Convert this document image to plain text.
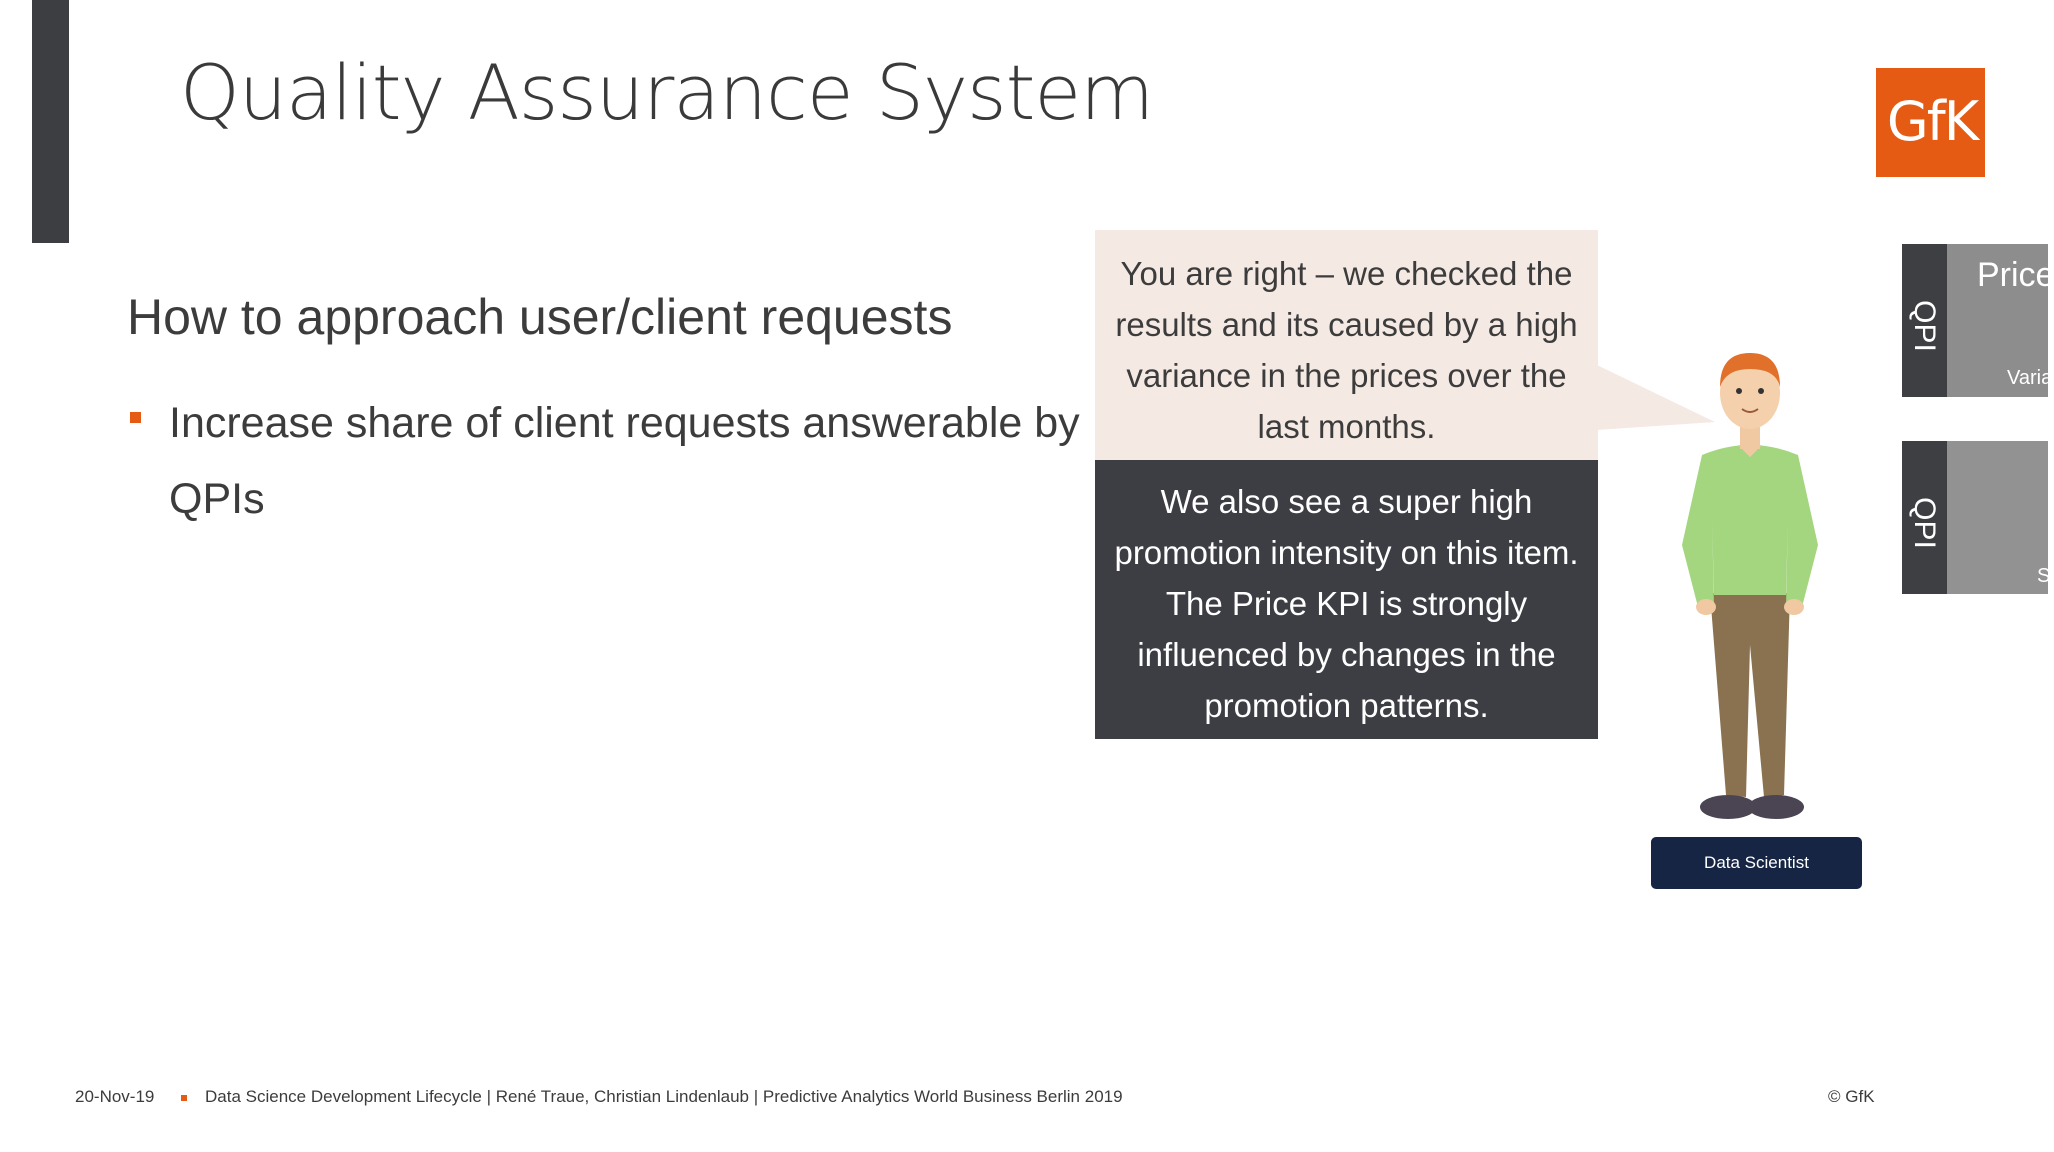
Quality Assurance System	GfK
How to approach user/client requests
Increase share of client requests answerable by QPIs
You are right – we checked the results and its caused by a high variance in the prices over the last months.
We also see a super high promotion intensity on this item. The Price KPI is strongly influenced by changes in the promotion patterns.
Data Scientist
QPI
Price
Varia
QPI
S
20-Nov-19	Data Science Development Lifecycle | René Traue, Christian Lindenlaub | Predictive Analytics World Business Berlin 2019	© GfK
